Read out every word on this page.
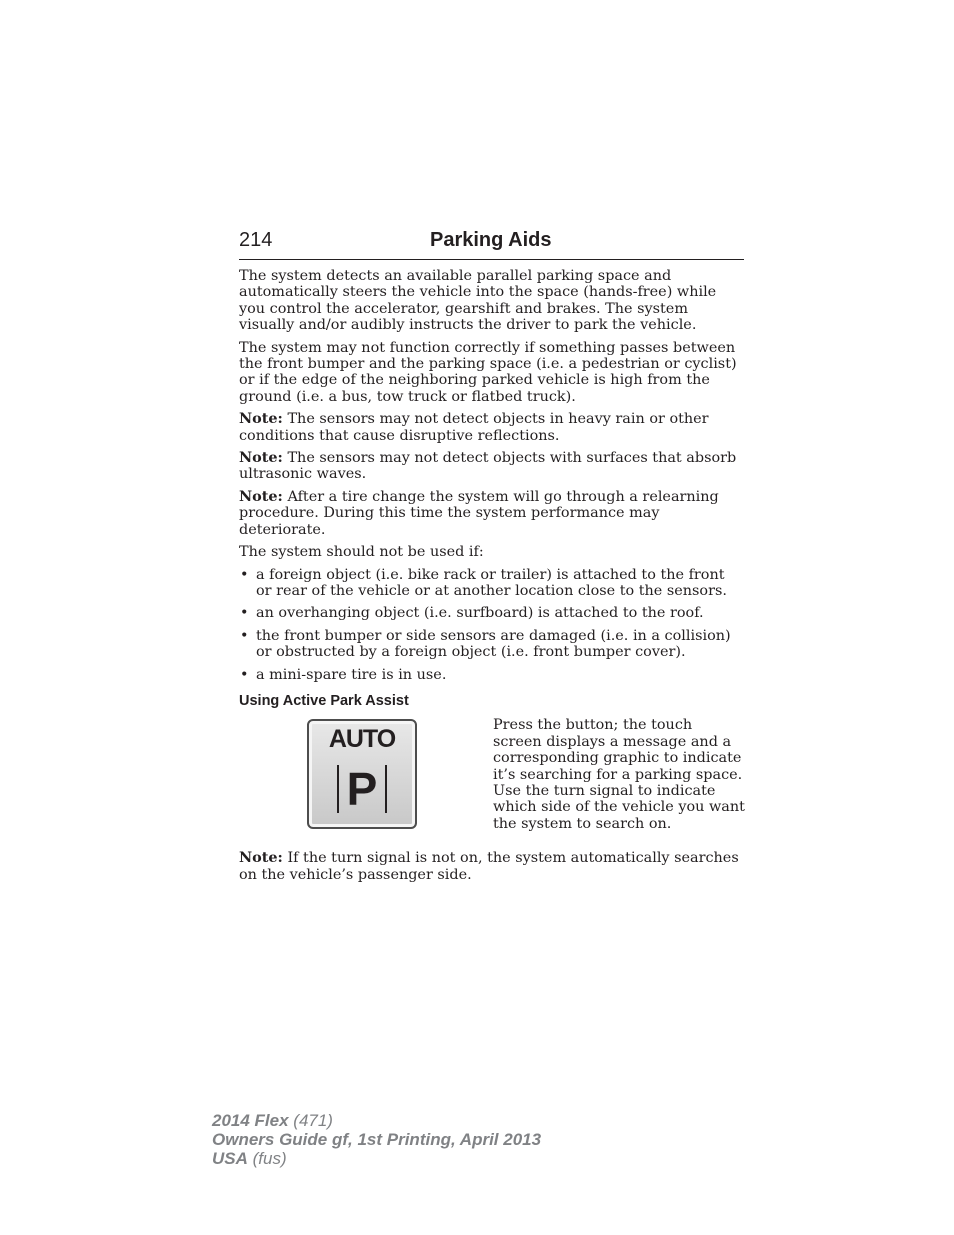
214	Parking Aids

The system detects an available parallel parking space and automatically steers the vehicle into the space (hands-free) while you control the accelerator, gearshift and brakes. The system visually and/or audibly instructs the driver to park the vehicle.

The system may not function correctly if something passes between the front bumper and the parking space (i.e. a pedestrian or cyclist) or if the edge of the neighboring parked vehicle is high from the ground (i.e. a bus, tow truck or flatbed truck).

Note: The sensors may not detect objects in heavy rain or other conditions that cause disruptive reflections.

Note: The sensors may not detect objects with surfaces that absorb ultrasonic waves.

Note: After a tire change the system will go through a relearning procedure. During this time the system performance may deteriorate.

The system should not be used if:

• a foreign object (i.e. bike rack or trailer) is attached to the front or rear of the vehicle or at another location close to the sensors.
• an overhanging object (i.e. surfboard) is attached to the roof.
• the front bumper or side sensors are damaged (i.e. in a collision) or obstructed by a foreign object (i.e. front bumper cover).
• a mini-spare tire is in use.
Using Active Park Assist
AUTO
P

Press the button; the touch screen displays a message and a corresponding graphic to indicate it’s searching for a parking space. Use the turn signal to indicate which side of the vehicle you want the system to search on.

Note: If the turn signal is not on, the system automatically searches on the vehicle’s passenger side.

2014 Flex (471)
Owners Guide gf, 1st Printing, April 2013
USA (fus)
